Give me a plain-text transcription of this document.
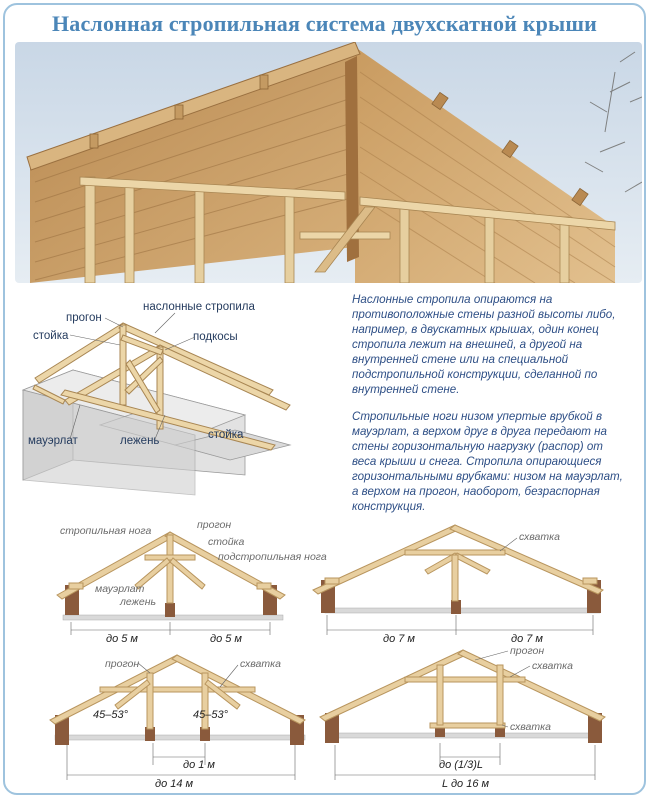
Наслонная стропильная система двухскатной крыши
прогон
наслонные стропила
стойка	подкосы
мауэрлат	лежень	стойка
стропильная нога	прогон
стойка
подстропильная нога
мауэрлат
лежень
до 5 м	до 5 м
схватка
до 7 м	до 7 м
прогон	схватка
45–53°	45–53°
до 1 м
до 14 м
прогон
схватка
схватка
до (1/3)L
L до 16 м
Наслонные стропила опираются на противоположные стены разной высоты либо, например, в двускатных крышах, один конец стропила лежит на внешней, а другой на внутренней стене или на специальной подстропильной конструкции, сделанной по внутренней стене.
Стропильные ноги низом упертые врубкой в мауэрлат, а верхом друг в друга передают на стены горизонтальную нагрузку (распор) от веса крыши и снега. Стропила опирающиеся горизонтальными врубками: низом на мауэрлат, а верхом на прогон, наоборот, безраспорная конструкция.
